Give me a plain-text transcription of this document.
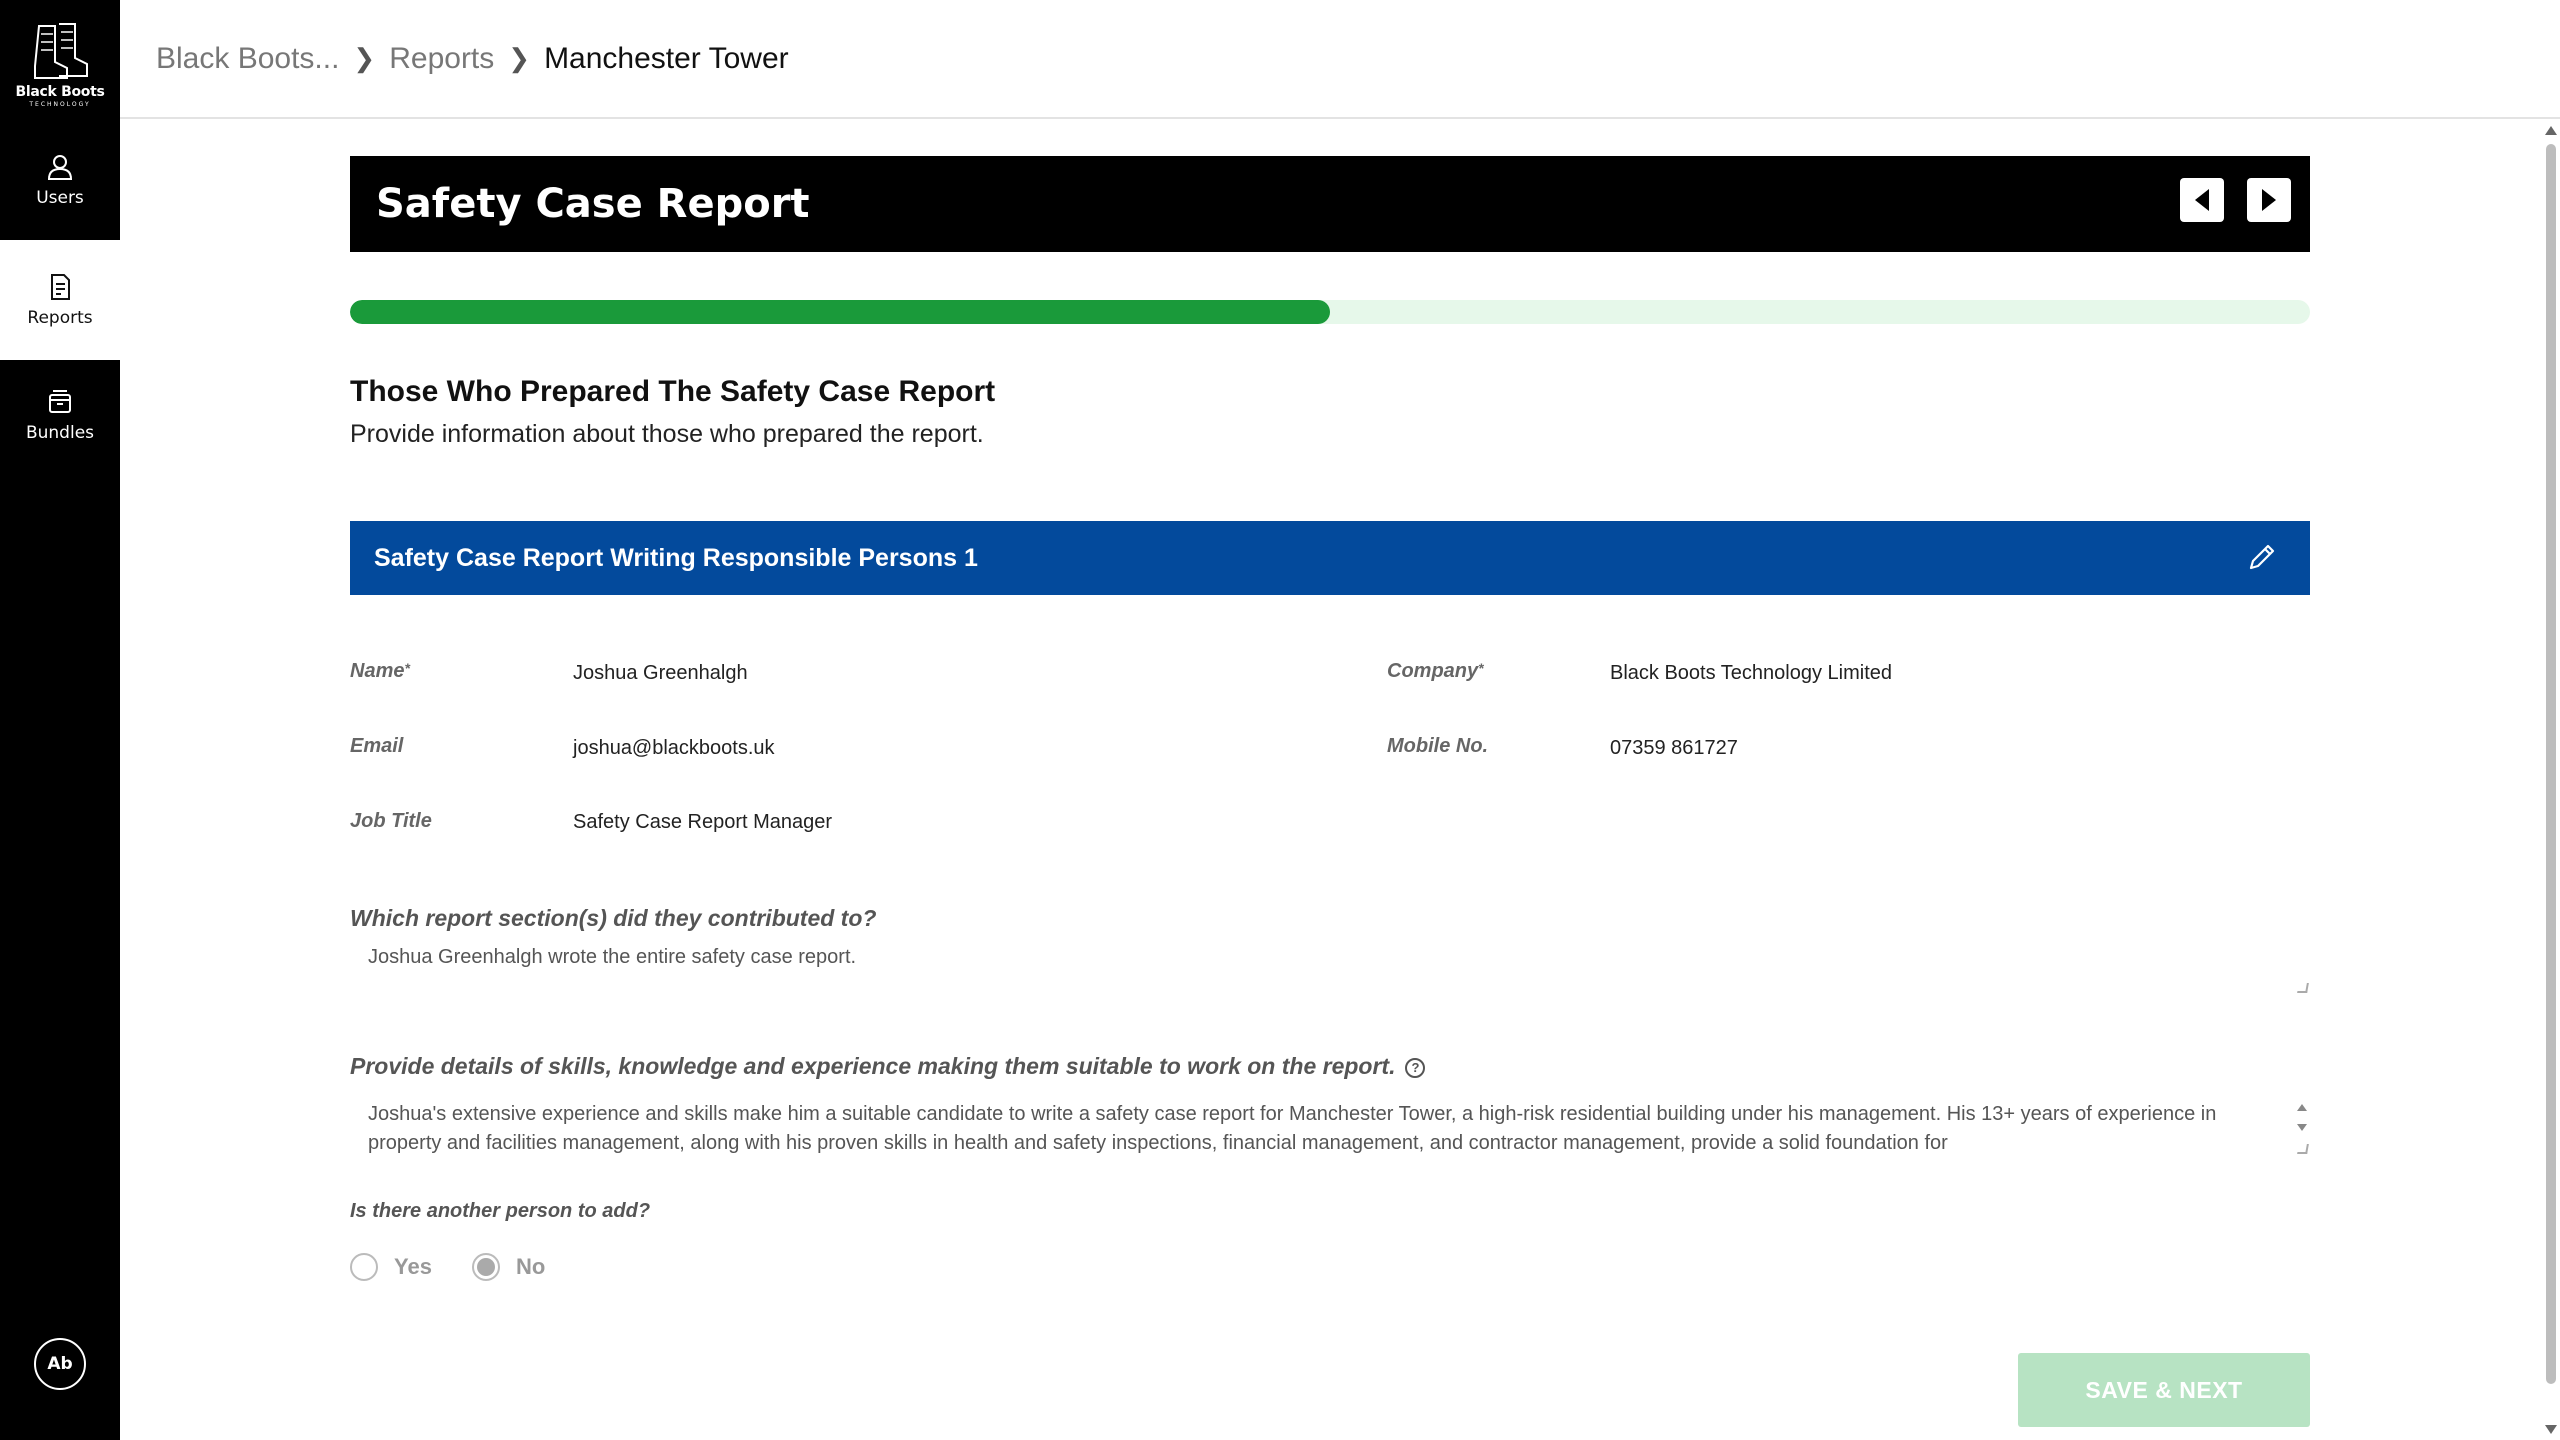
Black Boots
TECHNOLOGY
Users
Reports
Bundles
Ab
Black Boots... ❯ Reports ❯ Manchester Tower
Safety Case Report
Those Who Prepared The Safety Case Report
Provide information about those who prepared the report.
Safety Case Report Writing Responsible Persons 1
Name*	Joshua Greenhalgh	Company*	Black Boots Technology Limited
Email	joshua@blackboots.uk	Mobile No.	07359 861727
Job Title	Safety Case Report Manager
Which report section(s) did they contributed to?
Joshua Greenhalgh wrote the entire safety case report.
Provide details of skills, knowledge and experience making them suitable to work on the report. ?
Joshua's extensive experience and skills make him a suitable candidate to write a safety case report for Manchester Tower, a high-risk residential building under his management. His 13+ years of experience in property and facilities management, along with his proven skills in health and safety inspections, financial management, and contractor management, provide a solid foundation for
Is there another person to add?
Yes	No
SAVE & NEXT
